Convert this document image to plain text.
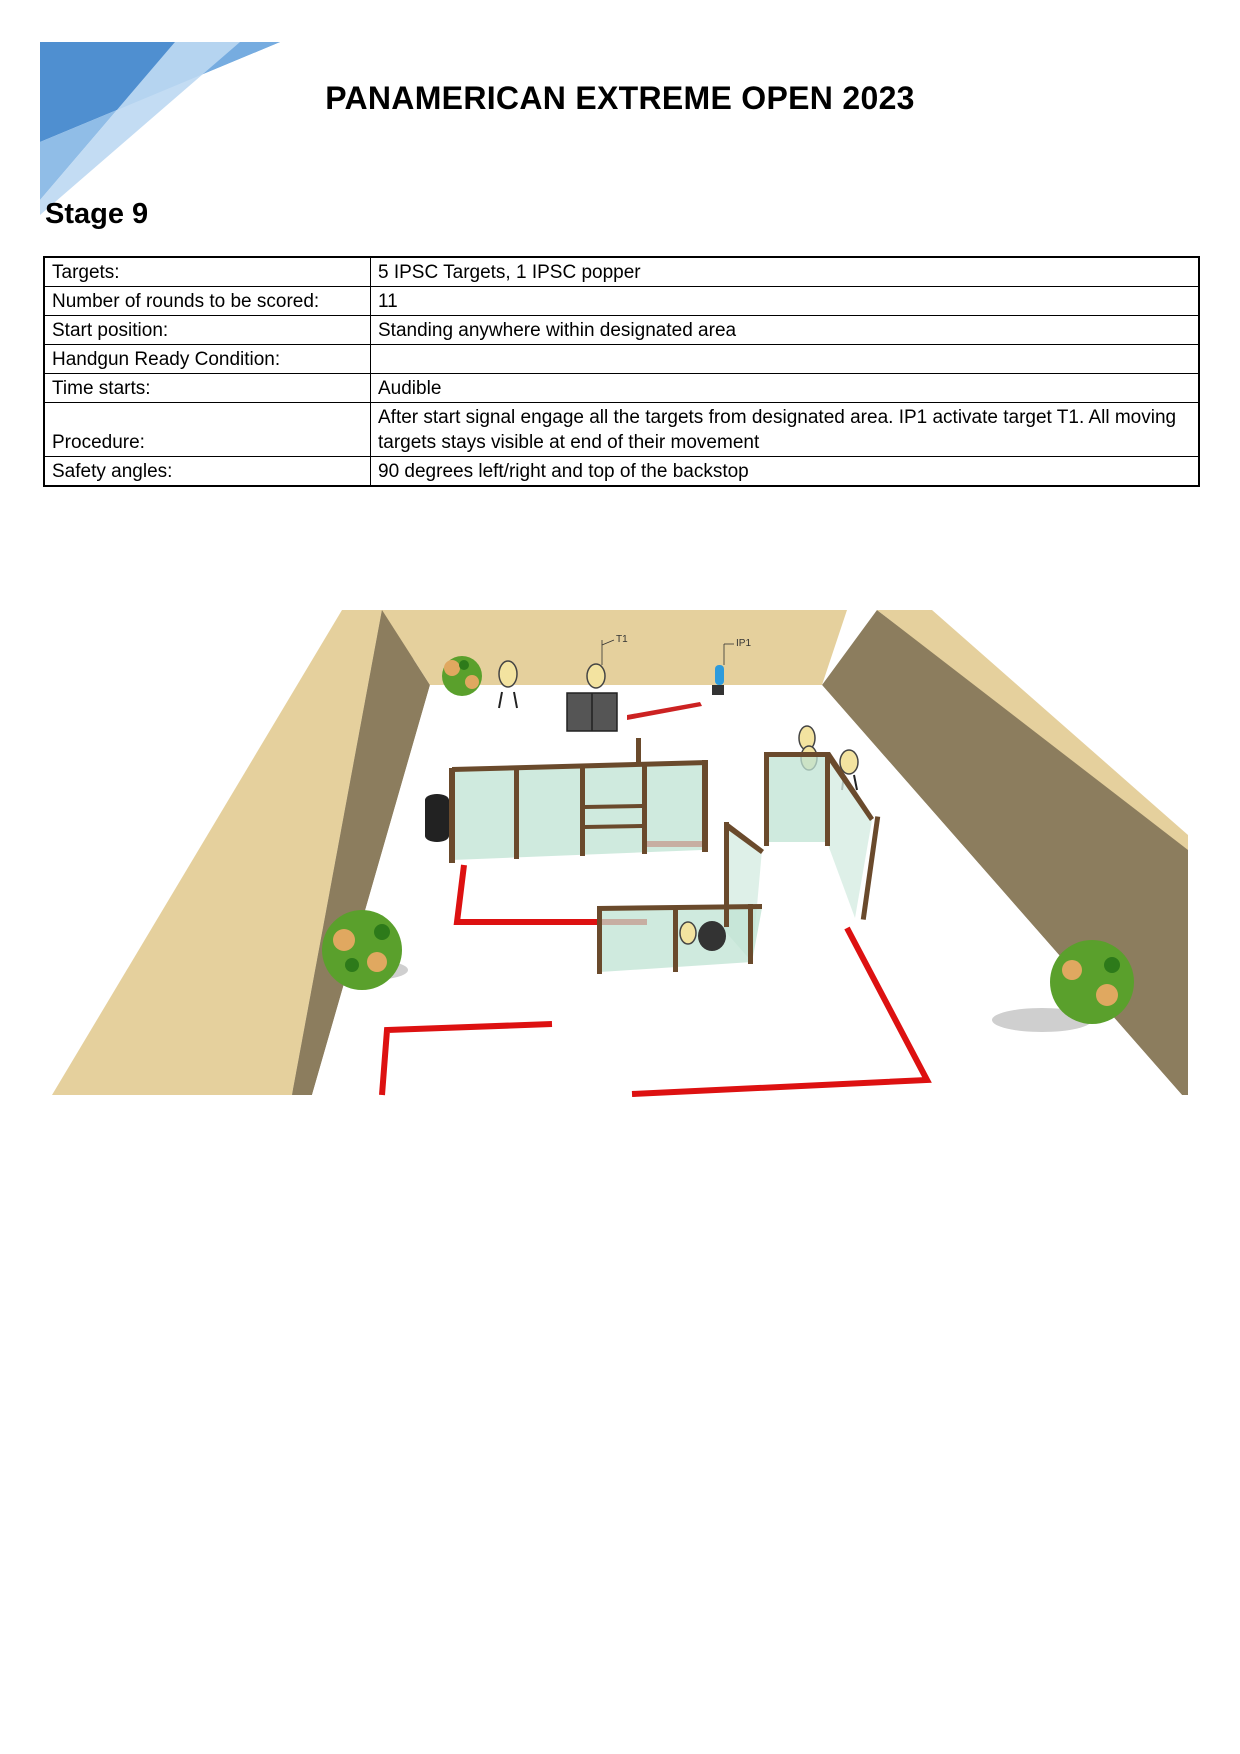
PANAMERICAN EXTREME OPEN 2023
Stage 9
Targets:	5 IPSC Targets, 1 IPSC popper
Number of rounds to be scored:	11
Start position:	Standing anywhere within designated area
Handgun Ready Condition:	
Time starts:	Audible
Procedure:	After start signal engage all the targets from designated area. IP1 activate target T1. All moving targets stays visible at end of their movement
Safety angles:	90 degrees left/right and top of the backstop
T1	IP1
